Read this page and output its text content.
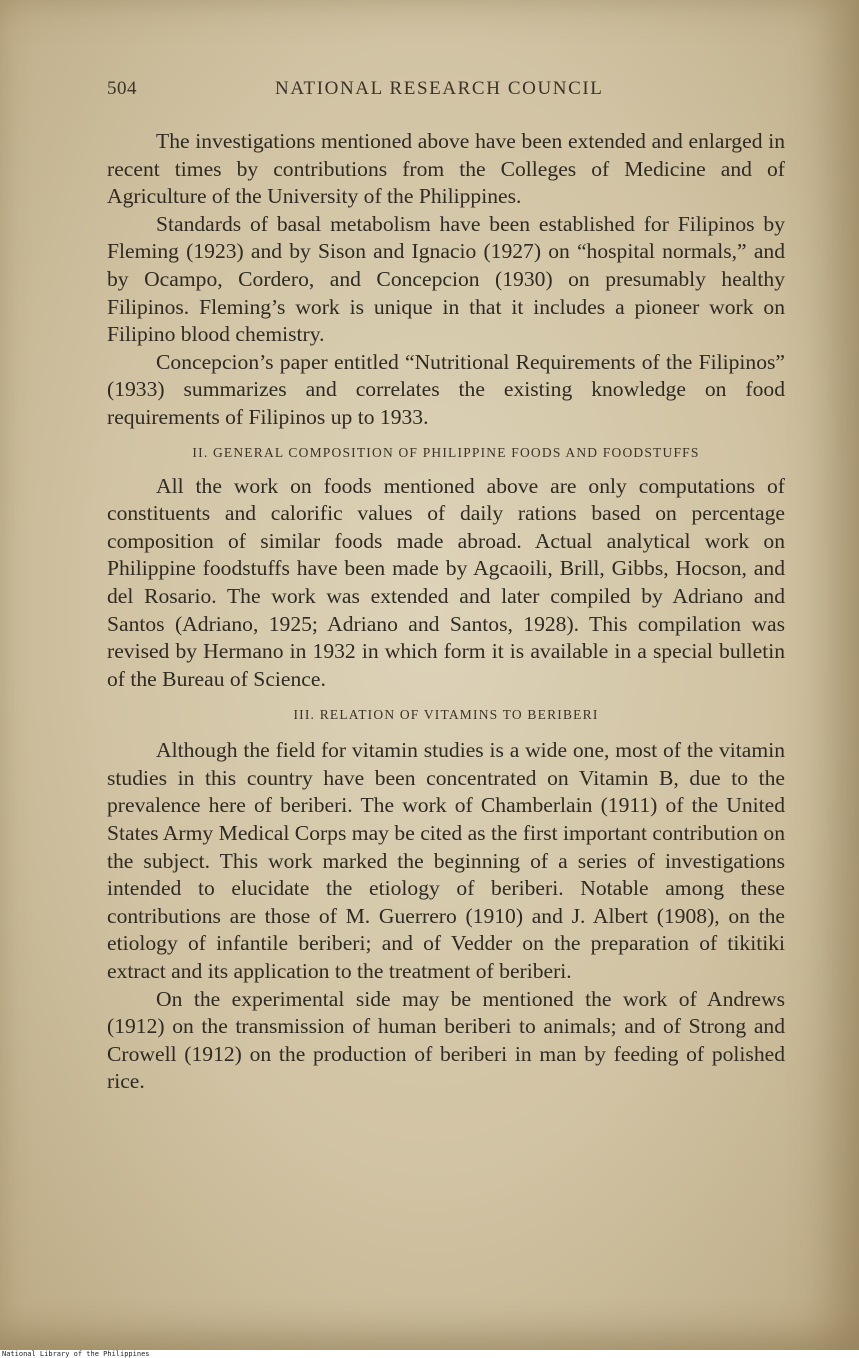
504	NATIONAL RESEARCH COUNCIL

The investigations mentioned above have been extended and enlarged in recent times by contributions from the Colleges of Medicine and of Agriculture of the University of the Philippines.

Standards of basal metabolism have been established for Filipinos by Fleming (1923) and by Sison and Ignacio (1927) on “hospital normals,” and by Ocampo, Cordero, and Concepcion (1930) on presumably healthy Filipinos. Fleming’s work is unique in that it includes a pioneer work on Filipino blood chemistry.

Concepcion’s paper entitled “Nutritional Requirements of the Filipinos” (1933) summarizes and correlates the existing knowledge on food requirements of Filipinos up to 1933.

II. GENERAL COMPOSITION OF PHILIPPINE FOODS AND FOODSTUFFS

All the work on foods mentioned above are only computations of constituents and calorific values of daily rations based on percentage composition of similar foods made abroad. Actual analytical work on Philippine foodstuffs have been made by Agcaoili, Brill, Gibbs, Hocson, and del Rosario. The work was extended and later compiled by Adriano and Santos (Adriano, 1925; Adriano and Santos, 1928). This compilation was revised by Hermano in 1932 in which form it is available in a special bulletin of the Bureau of Science.

III. RELATION OF VITAMINS TO BERIBERI

Although the field for vitamin studies is a wide one, most of the vitamin studies in this country have been concentrated on Vitamin B, due to the prevalence here of beriberi. The work of Chamberlain (1911) of the United States Army Medical Corps may be cited as the first important contribution on the subject. This work marked the beginning of a series of investigations intended to elucidate the etiology of beriberi. Notable among these contributions are those of M. Guerrero (1910) and J. Albert (1908), on the etiology of infantile beriberi; and of Vedder on the preparation of tikitiki extract and its application to the treatment of beriberi.

On the experimental side may be mentioned the work of Andrews (1912) on the transmission of human beriberi to animals; and of Strong and Crowell (1912) on the production of beriberi in man by feeding of polished rice.

National Library of the Philippines
